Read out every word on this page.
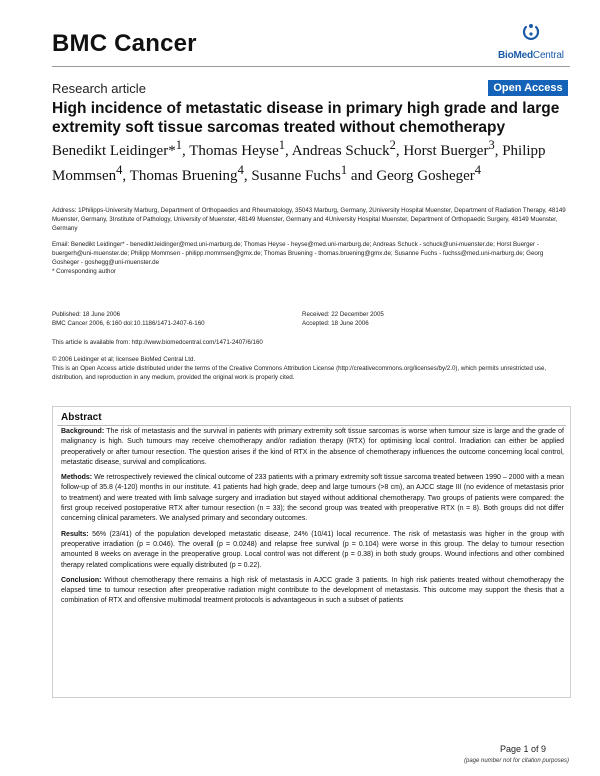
BMC Cancer	BioMedCentral
Research article	Open Access
High incidence of metastatic disease in primary high grade and large extremity soft tissue sarcomas treated without chemotherapy
Benedikt Leidinger*$^1$, Thomas Heyse$^1$, Andreas Schuck$^2$, Horst Buerger$^3$, Philipp Mommsen$^4$, Thomas Bruening$^4$, Susanne Fuchs$^1$ and Georg Gosheger$^4$
Address: 1Philipps-University Marburg, Department of Orthopaedics and Rheumatology, 35043 Marburg, Germany, 2University Hospital Muenster, Department of Radiation Therapy, 48149 Muenster, Germany, 3Institute of Pathology, University of Muenster, 48149 Muenster, Germany and 4University Hospital Muenster, Department of Orthopaedic Surgery, 48149 Muenster, Germany
Email: Benedikt Leidinger* - benedikt.leidinger@med.uni-marburg.de; Thomas Heyse - heyse@med.uni-marburg.de; Andreas Schuck - schuck@uni-muenster.de; Horst Buerger - buergerh@uni-muenster.de; Philipp Mommsen - philipp.mommsen@gmx.de; Thomas Bruening - thomas.bruening@gmx.de; Susanne Fuchs - fuchss@med.uni-marburg.de; Georg Gosheger - goshegg@uni-muenster.de
* Corresponding author
Published: 18 June 2006
BMC Cancer 2006, 6:160 doi:10.1186/1471-2407-6-160
Received: 22 December 2005
Accepted: 18 June 2006
This article is available from: http://www.biomedcentral.com/1471-2407/6/160
© 2006 Leidinger et al; licensee BioMed Central Ltd.
This is an Open Access article distributed under the terms of the Creative Commons Attribution License (http://creativecommons.org/licenses/by/2.0), which permits unrestricted use, distribution, and reproduction in any medium, provided the original work is properly cited.
Abstract

Background: The risk of metastasis and the survival in patients with primary extremity soft tissue sarcomas is worse when tumour size is large and the grade of malignancy is high. Such tumours may receive chemotherapy and/or radiation therapy (RTX) for optimising local control. Irradiation can either be applied preoperatively or after tumour resection. The question arises if the kind of RTX in the absence of chemotherapy influences the outcome concerning local control, metastatic disease, survival and complications.

Methods: We retrospectively reviewed the clinical outcome of 233 patients with a primary extremity soft tissue sarcoma treated between 1990 – 2000 with a mean follow-up of 35.8 (4-120) months in our institute. 41 patients had high grade, deep and large tumours (>8 cm), an AJCC stage III (no evidence of metastasis prior to treatment) and were treated with limb salvage surgery and irradiation but stayed without additional chemotherapy. Two groups of patients were compared: the first group received postoperative RTX after tumour resection (n = 33); the second group was treated with preoperative RTX (n = 8). Both groups did not differ concerning clinical parameters. We analysed primary and secondary outcomes.

Results: 56% (23/41) of the population developed metastatic disease, 24% (10/41) local recurrence. The risk of metastasis was higher in the group with preoperative irradiation (p = 0.046). The overall (p = 0.0248) and relapse free survival (p = 0.104) were worse in this group. The delay to tumour resection amounted 8 weeks on average in the preoperative group. Local control was not different (p = 0.38) in both study groups. Wound infections and other combined therapy related complications were equally distributed (p = 0.22).

Conclusion: Without chemotherapy there remains a high risk of metastasis in AJCC grade 3 patients. In high risk patients treated without chemotherapy the elapsed time to tumour resection after preoperative radiation might contribute to the development of metastasis. This outcome may support the thesis that a combination of RTX and offensive multimodal treatment protocols is advantageous in such a subset of patients

Page 1 of 9
(page number not for citation purposes)
